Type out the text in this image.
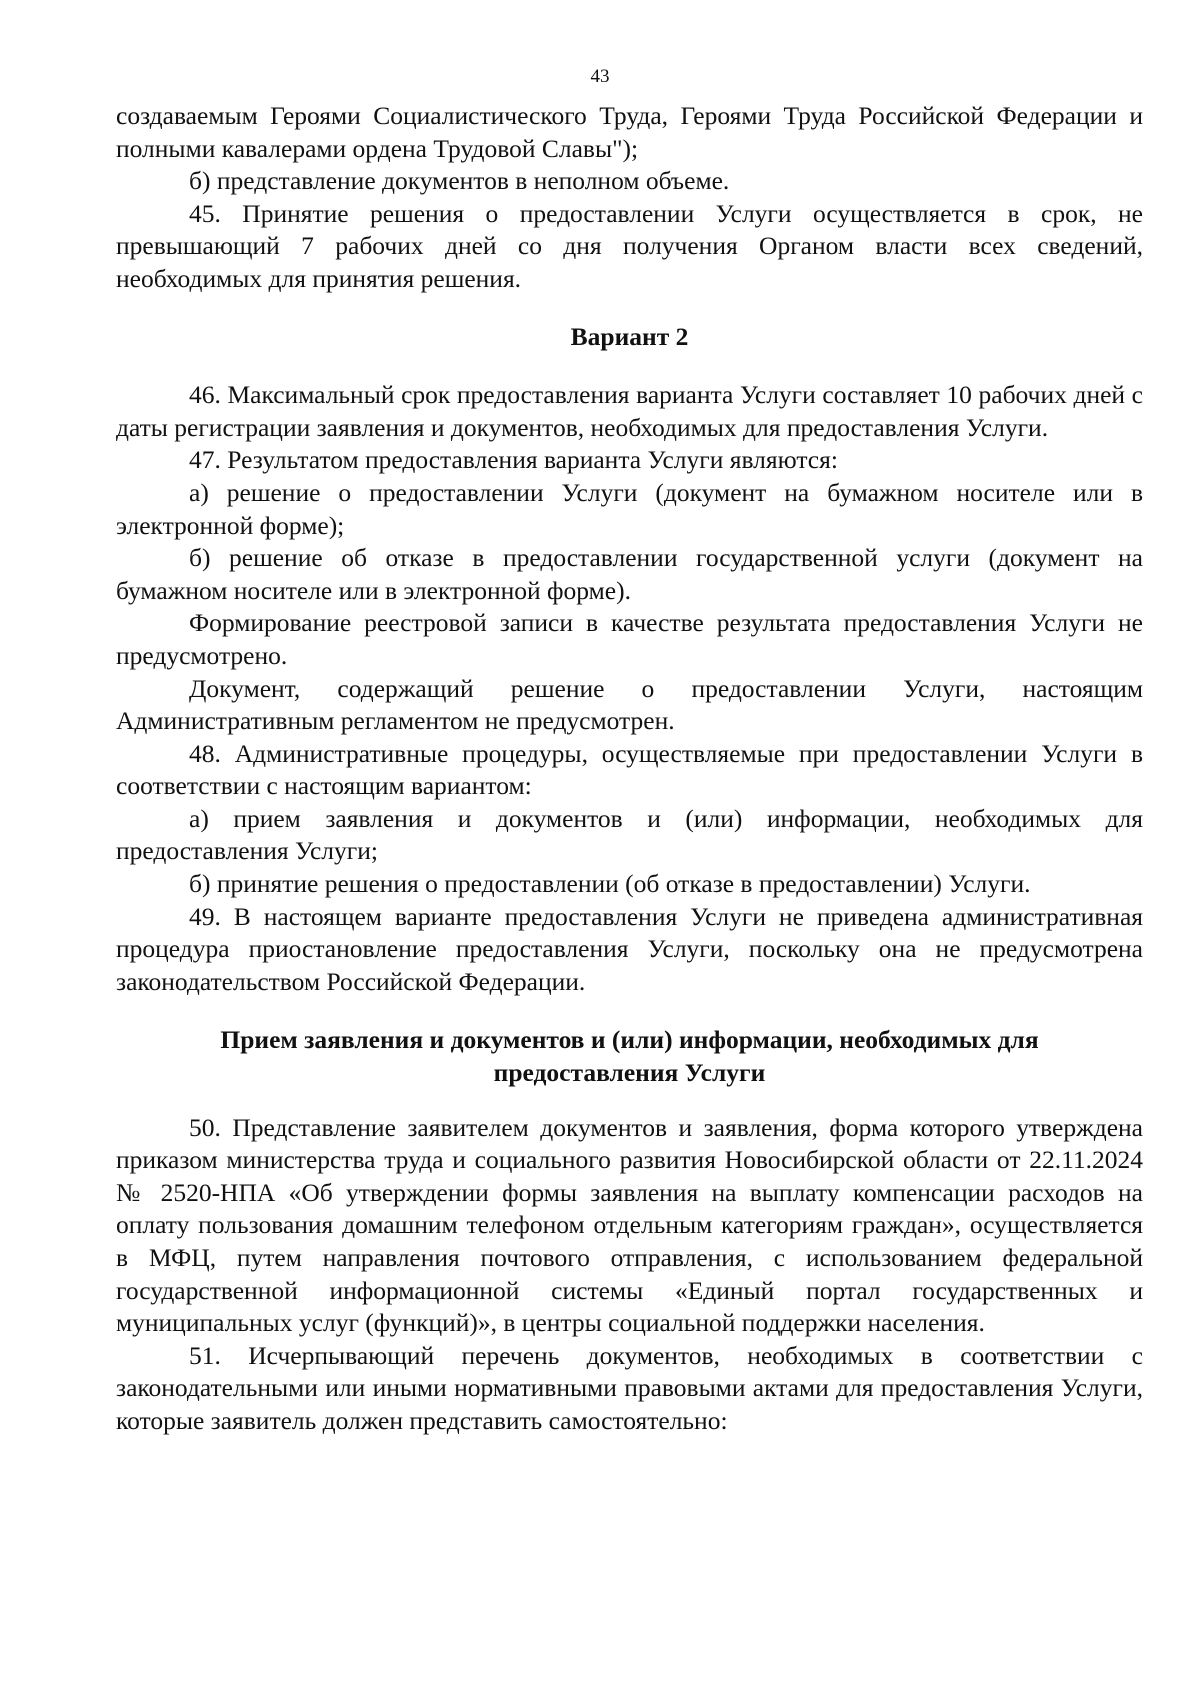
43

создаваемым Героями Социалистического Труда, Героями Труда Российской Федерации и полными кавалерами ордена Трудовой Славы");

б) представление документов в неполном объеме.

45. Принятие решения о предоставлении Услуги осуществляется в срок, не превышающий 7 рабочих дней со дня получения Органом власти всех сведений, необходимых для принятия решения.

Вариант 2

46. Максимальный срок предоставления варианта Услуги составляет 10 рабочих дней с даты регистрации заявления и документов, необходимых для предоставления Услуги.

47. Результатом предоставления варианта Услуги являются:

а) решение о предоставлении Услуги (документ на бумажном носителе или в электронной форме);

б) решение об отказе в предоставлении государственной услуги (документ на бумажном носителе или в электронной форме).

Формирование реестровой записи в качестве результата предоставления Услуги не предусмотрено.

Документ, содержащий решение о предоставлении Услуги, настоящим Административным регламентом не предусмотрен.

48. Административные процедуры, осуществляемые при предоставлении Услуги в соответствии с настоящим вариантом:

а) прием заявления и документов и (или) информации, необходимых для предоставления Услуги;

б) принятие решения о предоставлении (об отказе в предоставлении) Услуги.

49. В настоящем варианте предоставления Услуги не приведена административная процедура приостановление предоставления Услуги, поскольку она не предусмотрена законодательством Российской Федерации.

Прием заявления и документов и (или) информации, необходимых для предоставления Услуги

50. Представление заявителем документов и заявления, форма которого утверждена приказом министерства труда и социального развития Новосибирской области от 22.11.2024 № 2520-НПА «Об утверждении формы заявления на выплату компенсации расходов на оплату пользования домашним телефоном отдельным категориям граждан», осуществляется в МФЦ, путем направления почтового отправления, с использованием федеральной государственной информационной системы «Единый портал государственных и муниципальных услуг (функций)», в центры социальной поддержки населения.

51. Исчерпывающий перечень документов, необходимых в соответствии с законодательными или иными нормативными правовыми актами для предоставления Услуги, которые заявитель должен представить самостоятельно:
